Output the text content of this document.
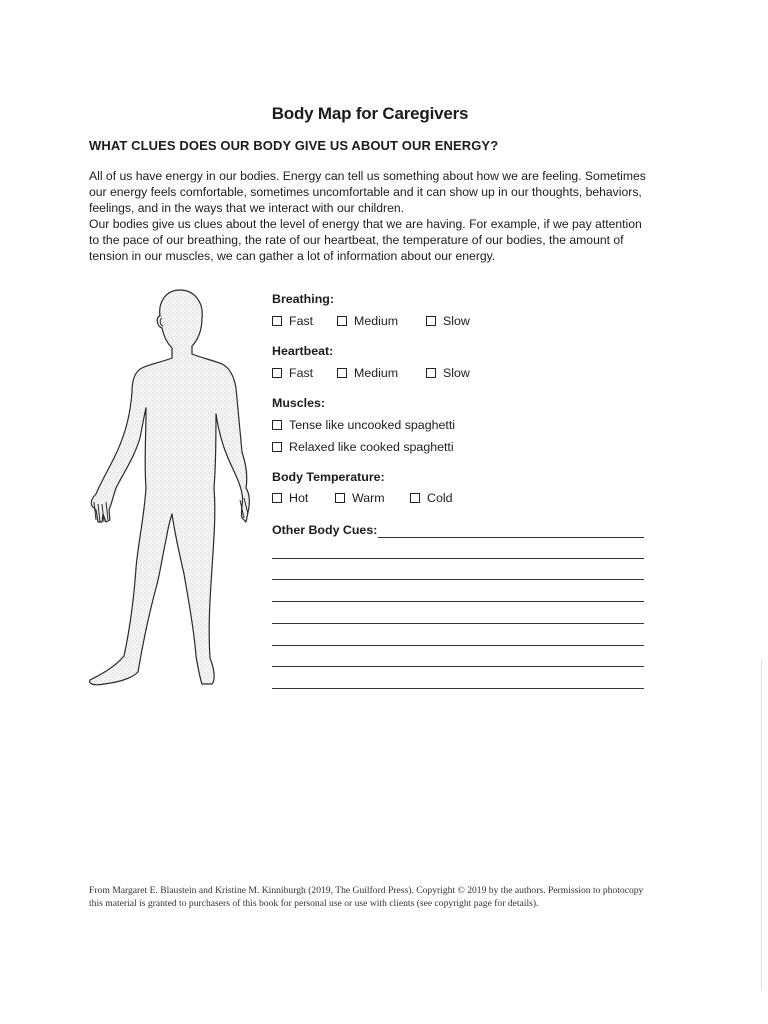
Body Map for Caregivers
WHAT CLUES DOES OUR BODY GIVE US ABOUT OUR ENERGY?

All of us have energy in our bodies. Energy can tell us something about how we are feeling. Sometimes our energy feels comfortable, sometimes uncomfortable and it can show up in our thoughts, behaviors, feelings, and in the ways that we interact with our children.

Our bodies give us clues about the level of energy that we are having. For example, if we pay attention to the pace of our breathing, the rate of our heartbeat, the temperature of our bodies, the amount of tension in our muscles, we can gather a lot of information about our energy.

Breathing:
Fast	Medium	Slow
Heartbeat:
Fast	Medium	Slow
Muscles:
Tense like uncooked spaghetti
Relaxed like cooked spaghetti
Body Temperature:
Hot	Warm	Cold
Other Body Cues:
From Margaret E. Blaustein and Kristine M. Kinniburgh (2019, The Guilford Press). Copyright © 2019 by the authors. Permission to photocopy this material is granted to purchasers of this book for personal use or use with clients (see copyright page for details).
